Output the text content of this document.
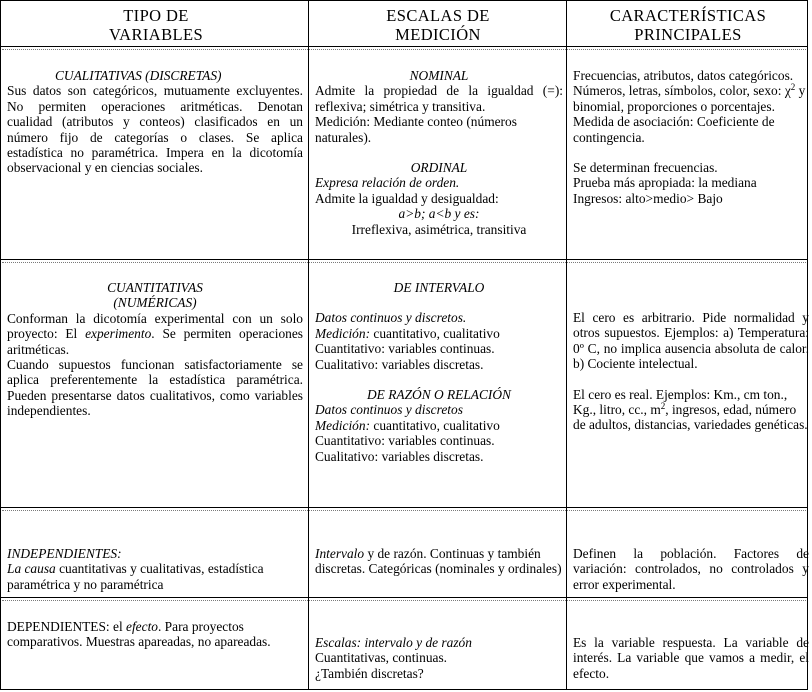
TIPO DE
VARIABLES
ESCALAS DE
MEDICIÓN
CARACTERÍSTICAS
PRINCIPALES

CUALITATIVAS (DISCRETAS)

Sus datos son categóricos, mutuamente excluyentes. No permiten operaciones aritméticas. Denotan cualidad (atributos y conteos) clasificados en un número fijo de categorías o clases. Se aplica estadística no paramétrica. Impera en la dicotomía observacional y en ciencias sociales.

NOMINAL

Admite la propiedad de la igualdad (=): reflexiva; simétrica y transitiva.

Medición: Mediante conteo (números naturales).

ORDINAL

Expresa relación de orden.

Admite la igualdad y desigualdad:

a>b; a<b y es:

Irreflexiva, asimétrica, transitiva

Frecuencias, atributos, datos categóricos. Números, letras, símbolos, color, sexo: $\chi^2$ y binomial, proporciones o porcentajes. Medida de asociación: Coeficiente de contingencia.

Se determinan frecuencias.

Prueba más apropiada: la mediana

Ingresos: alto>medio> Bajo

CUANTITATIVAS

(NUMÉRICAS)

Conforman la dicotomía experimental con un solo proyecto: El experimento. Se permiten operaciones aritméticas.

Cuando supuestos funcionan satisfactoriamente se aplica preferentemente la estadística paramétrica. Pueden presentarse datos cualitativos, como variables independientes.

DE INTERVALO

Datos continuos y discretos.

Medición: cuantitativo, cualitativo

Cuantitativo: variables continuas.

Cualitativo: variables discretas.

DE RAZÓN O RELACIÓN

Datos continuos y discretos

Medición: cuantitativo, cualitativo

Cuantitativo: variables continuas.

Cualitativo: variables discretas.

El cero es arbitrario. Pide normalidad y otros supuestos. Ejemplos: a) Temperatura: 0º C, no implica ausencia absoluta de calor. b) Cociente intelectual.

El cero es real. Ejemplos: Km., cm ton., Kg., litro, cc., $m^2$, ingresos, edad, número de adultos, distancias, variedades genéticas.

INDEPENDIENTES:

La causa cuantitativas y cualitativas, estadística paramétrica y no paramétrica

Intervalo y de razón. Continuas y también discretas. Categóricas (nominales y ordinales)

Definen la población. Factores de variación: controlados, no controlados y error experimental.

DEPENDIENTES: el efecto. Para proyectos comparativos. Muestras apareadas, no apareadas.	Escalas: intervalo y de razón

Cuantitativas, continuas.

¿También discretas?

Es la variable respuesta. La variable de interés. La variable que vamos a medir, el efecto.
